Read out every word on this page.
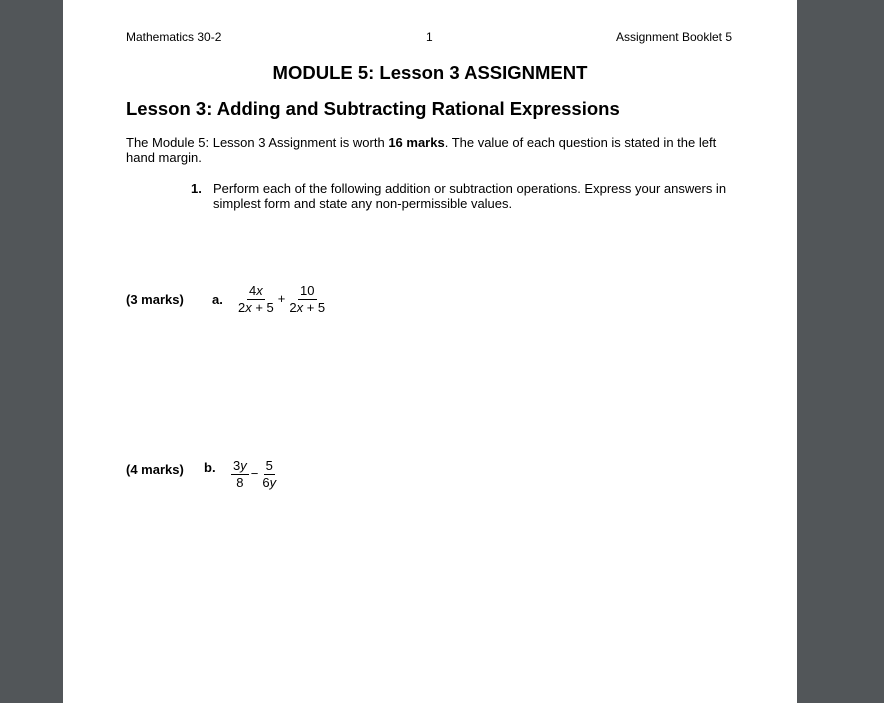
Mathematics 30-2	1	Assignment Booklet 5
MODULE 5: Lesson 3 ASSIGNMENT
Lesson 3: Adding and Subtracting Rational Expressions
The Module 5: Lesson 3 Assignment is worth 16 marks. The value of each question is stated in the left hand margin.
1. Perform each of the following addition or subtraction operations. Express your answers in simplest form and state any non-permissible values.
(3 marks) a. $\frac{4x}{2x + 5} + \frac{10}{2x + 5}$
(4 marks) b. $\frac{3y}{8} - \frac{5}{6y}$
